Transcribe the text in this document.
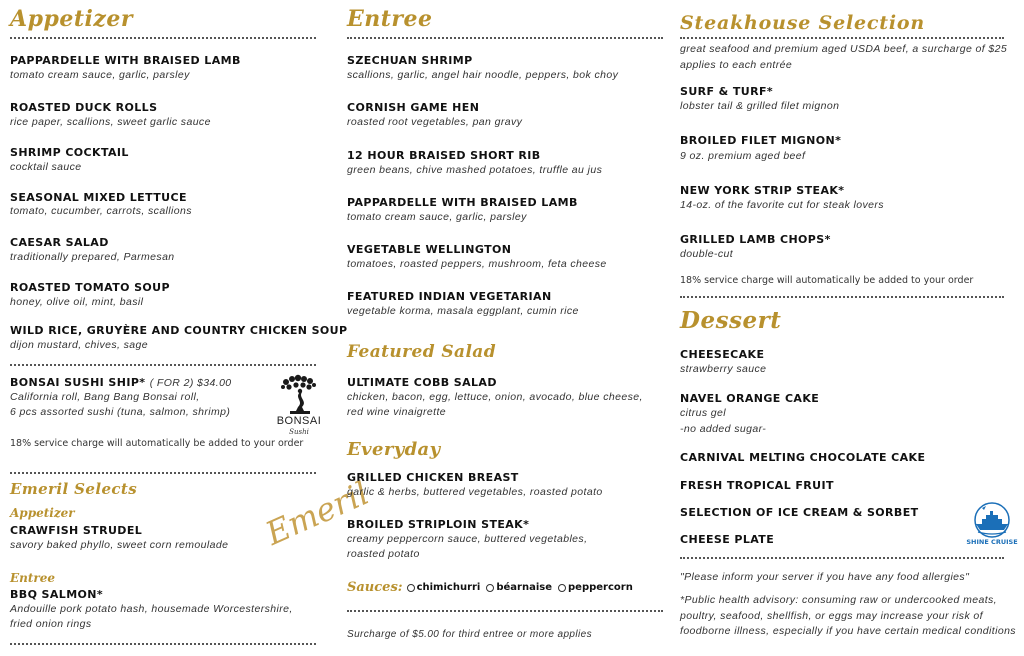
Appetizer
PAPPARDELLE WITH BRAISED LAMB
tomato cream sauce, garlic, parsley
ROASTED DUCK ROLLS
rice paper, scallions, sweet garlic sauce
SHRIMP COCKTAIL
cocktail sauce
SEASONAL MIXED LETTUCE
tomato, cucumber, carrots, scallions
CAESAR SALAD
traditionally prepared, Parmesan
ROASTED TOMATO SOUP
honey, olive oil, mint, basil
WILD RICE, GRUYÈRE AND COUNTRY CHICKEN SOUP
dijon mustard, chives, sage
BONSAI SUSHI SHIP* ( FOR 2) $34.00
California roll, Bang Bang Bonsai roll,
6 pcs assorted sushi (tuna, salmon, shrimp)
18% service charge will automatically be added to your order
BONSAI
Sushi
Emeril Selects
Appetizer
CRAWFISH STRUDEL
savory baked phyllo, sweet corn remoulade
Entree
BBQ SALMON*
Andouille pork potato hash, housemade Worcestershire,
fried onion rings
Emeril
Entree
SZECHUAN SHRIMP
scallions, garlic, angel hair noodle, peppers, bok choy
CORNISH GAME HEN
roasted root vegetables, pan gravy
12 HOUR BRAISED SHORT RIB
green beans, chive mashed potatoes, truffle au jus
PAPPARDELLE WITH BRAISED LAMB
tomato cream sauce, garlic, parsley
VEGETABLE WELLINGTON
tomatoes, roasted peppers, mushroom, feta cheese
FEATURED INDIAN VEGETARIAN
vegetable korma, masala eggplant, cumin rice
Featured Salad
ULTIMATE COBB SALAD
chicken, bacon, egg, lettuce, onion, avocado, blue cheese,
red wine vinaigrette
Everyday
GRILLED CHICKEN BREAST
garlic & herbs, buttered vegetables, roasted potato
BROILED STRIPLOIN STEAK*
creamy peppercorn sauce, buttered vegetables,
roasted potato
Sauces: chimichurri béarnaise peppercorn
Surcharge of $5.00 for third entree or more applies
Steakhouse Selection
great seafood and premium aged USDA beef, a surcharge of $25
applies to each entrée
SURF & TURF*
lobster tail & grilled filet mignon
BROILED FILET MIGNON*
9 oz. premium aged beef
NEW YORK STRIP STEAK*
14-oz. of the favorite cut for steak lovers
GRILLED LAMB CHOPS*
double-cut
18% service charge will automatically be added to your order
Dessert
CHEESECAKE
strawberry sauce
NAVEL ORANGE CAKE
citrus gel
-no added sugar-
CARNIVAL MELTING CHOCOLATE CAKE
FRESH TROPICAL FRUIT
SELECTION OF ICE CREAM & SORBET
CHEESE PLATE	SHINE CRUISE
"Please inform your server if you have any food allergies"
*Public health advisory: consuming raw or undercooked meats,
poultry, seafood, shellfish, or eggs may increase your risk of
foodborne illness, especially if you have certain medical conditions
